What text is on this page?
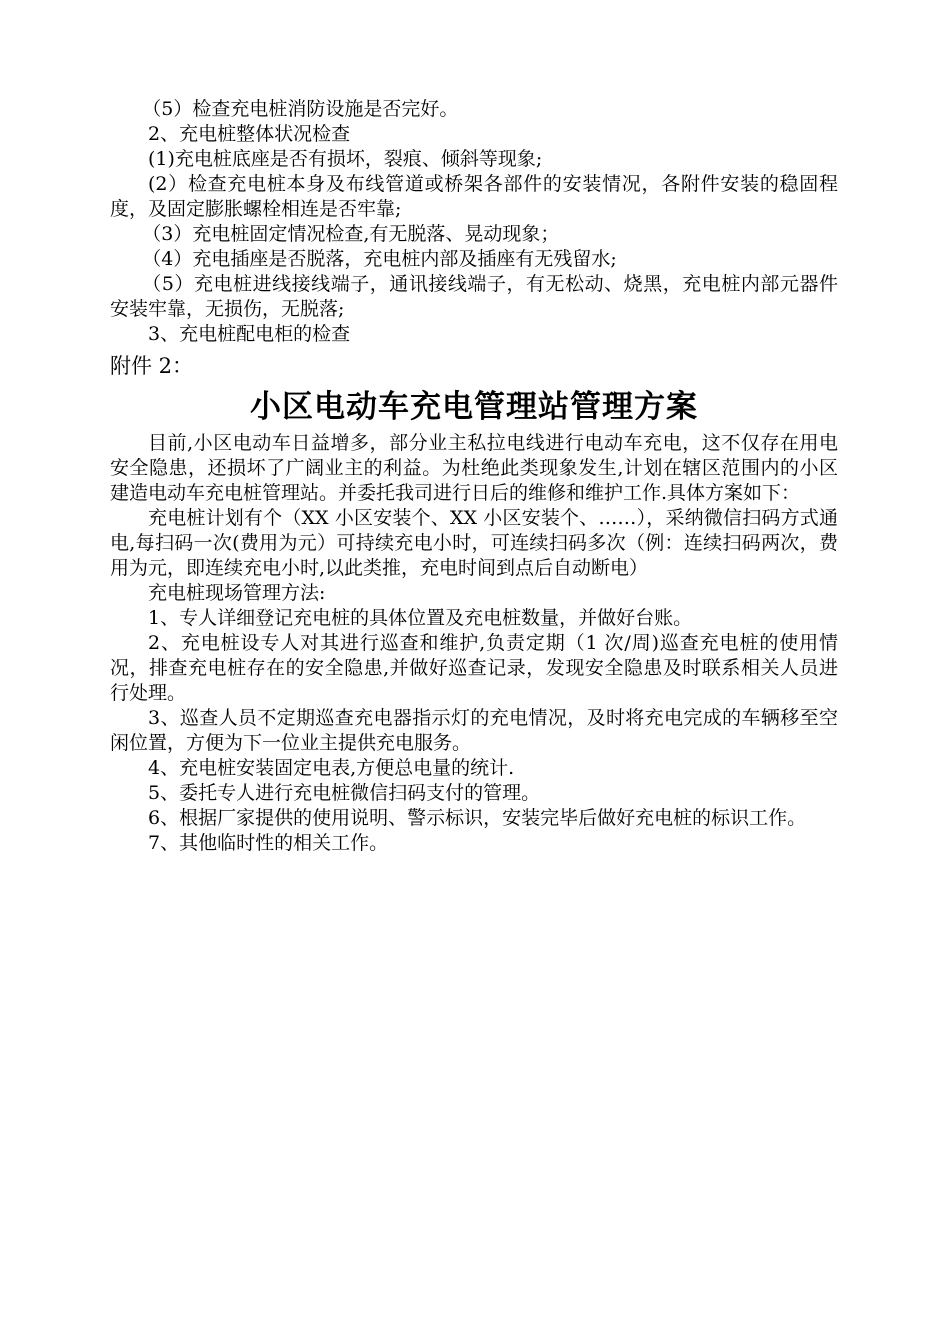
（5）检查充电桩消防设施是否完好。

2、充电桩整体状况检查

(1)充电桩底座是否有损坏，裂痕、倾斜等现象;

(2）检查充电桩本身及布线管道或桥架各部件的安装情况，各附件安装的稳固程度，及固定膨胀螺栓相连是否牢靠;

（3）充电桩固定情况检查,有无脱落、晃动现象；

（4）充电插座是否脱落，充电桩内部及插座有无残留水;

（5）充电桩进线接线端子，通讯接线端子，有无松动、烧黑，充电桩内部元器件安装牢靠，无损伤，无脱落;

3、充电桩配电柜的检查

附件 2：

小区电动车充电管理站管理方案

目前,小区电动车日益增多，部分业主私拉电线进行电动车充电，这不仅存在用电安全隐患，还损坏了广阔业主的利益。为杜绝此类现象发生,计划在辖区范围内的小区建造电动车充电桩管理站。并委托我司进行日后的维修和维护工作.具体方案如下：

充电桩计划有个（XX 小区安装个、XX 小区安装个、……），采纳微信扫码方式通电,每扫码一次(费用为元）可持续充电小时，可连续扫码多次（例：连续扫码两次，费用为元，即连续充电小时,以此类推，充电时间到点后自动断电）

充电桩现场管理方法:

1、专人详细登记充电桩的具体位置及充电桩数量，并做好台账。

2、充电桩设专人对其进行巡查和维护,负责定期（1 次/周)巡查充电桩的使用情况，排查充电桩存在的安全隐患,并做好巡查记录，发现安全隐患及时联系相关人员进行处理。

3、巡查人员不定期巡查充电器指示灯的充电情况，及时将充电完成的车辆移至空闲位置，方便为下一位业主提供充电服务。

4、充电桩安装固定电表,方便总电量的统计.

5、委托专人进行充电桩微信扫码支付的管理。

6、根据厂家提供的使用说明、警示标识，安装完毕后做好充电桩的标识工作。

7、其他临时性的相关工作。
